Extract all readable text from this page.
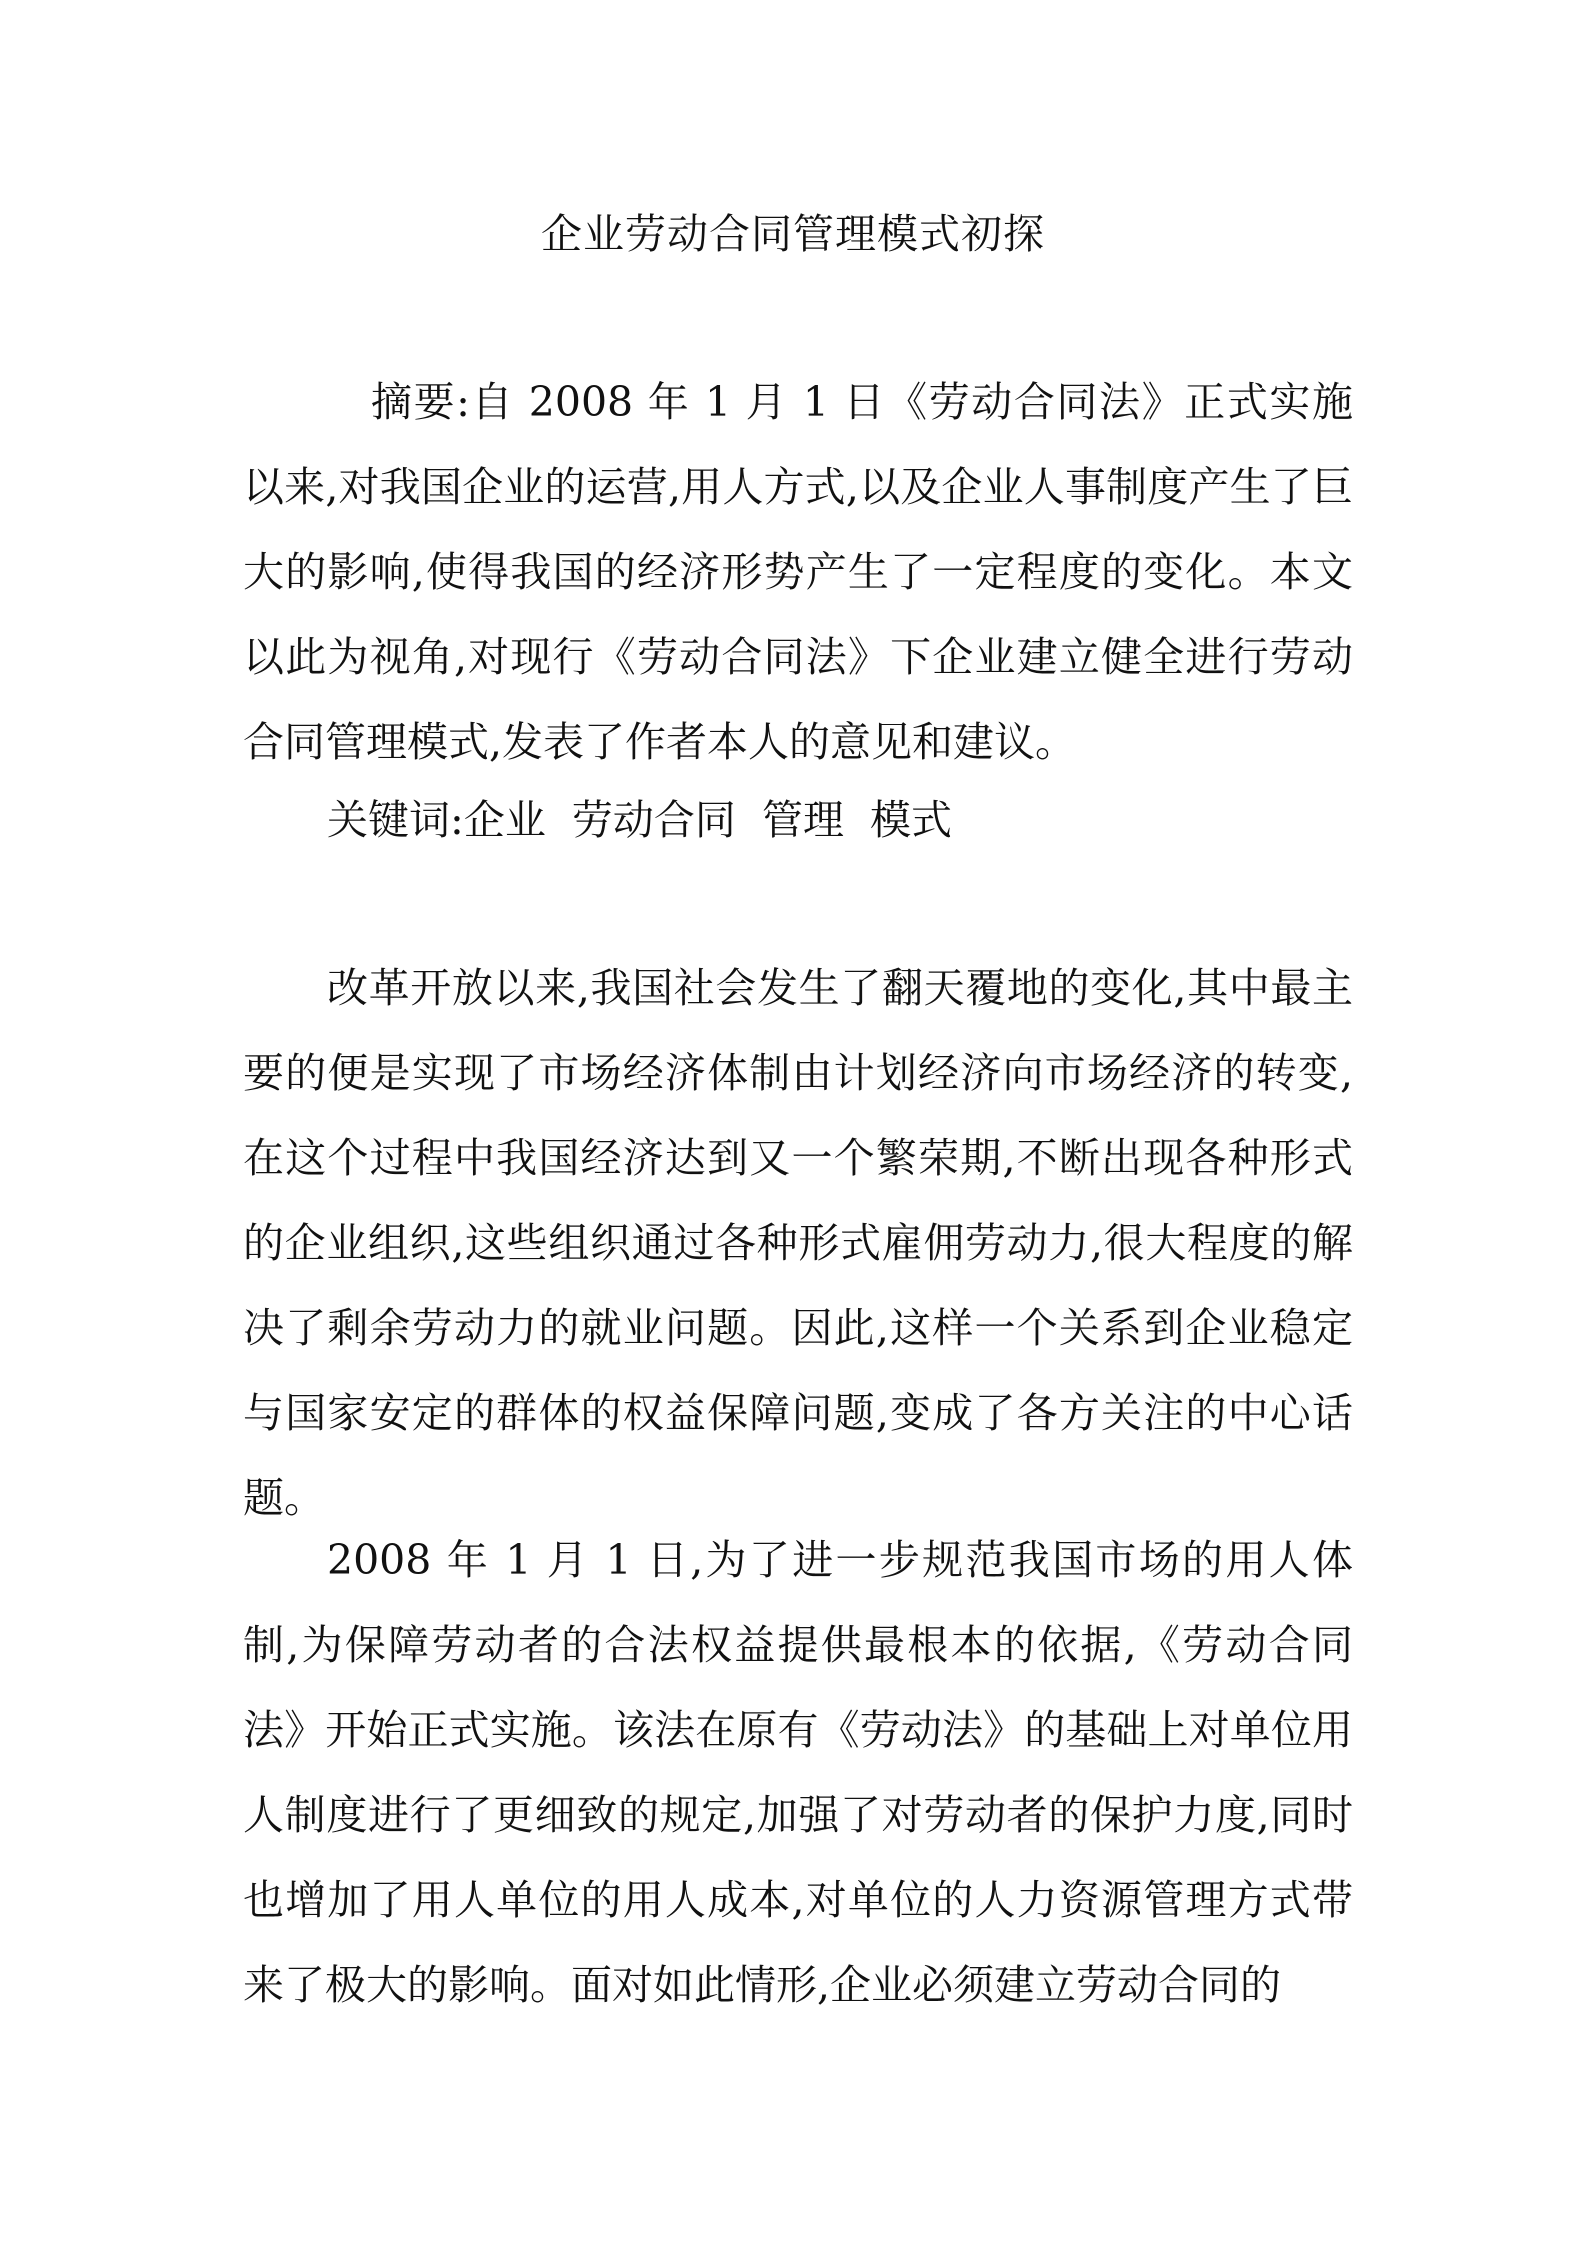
企业劳动合同管理模式初探

摘要:自 2008 年 1 月 1 日《劳动合同法》正式实施以来,对我国企业的运营,用人方式,以及企业人事制度产生了巨大的影响,使得我国的经济形势产生了一定程度的变化。本文以此为视角,对现行《劳动合同法》下企业建立健全进行劳动合同管理模式,发表了作者本人的意见和建议。

关键词:企业  劳动合同  管理  模式

改革开放以来,我国社会发生了翻天覆地的变化,其中最主要的便是实现了市场经济体制由计划经济向市场经济的转变,在这个过程中我国经济达到又一个繁荣期,不断出现各种形式的企业组织,这些组织通过各种形式雇佣劳动力,很大程度的解决了剩余劳动力的就业问题。因此,这样一个关系到企业稳定与国家安定的群体的权益保障问题,变成了各方关注的中心话题。

2008 年 1 月 1 日,为了进一步规范我国市场的用人体制,为保障劳动者的合法权益提供最根本的依据,《劳动合同法》开始正式实施。该法在原有《劳动法》的基础上对单位用人制度进行了更细致的规定,加强了对劳动者的保护力度,同时也增加了用人单位的用人成本,对单位的人力资源管理方式带来了极大的影响。面对如此情形,企业必须建立劳动合同的
